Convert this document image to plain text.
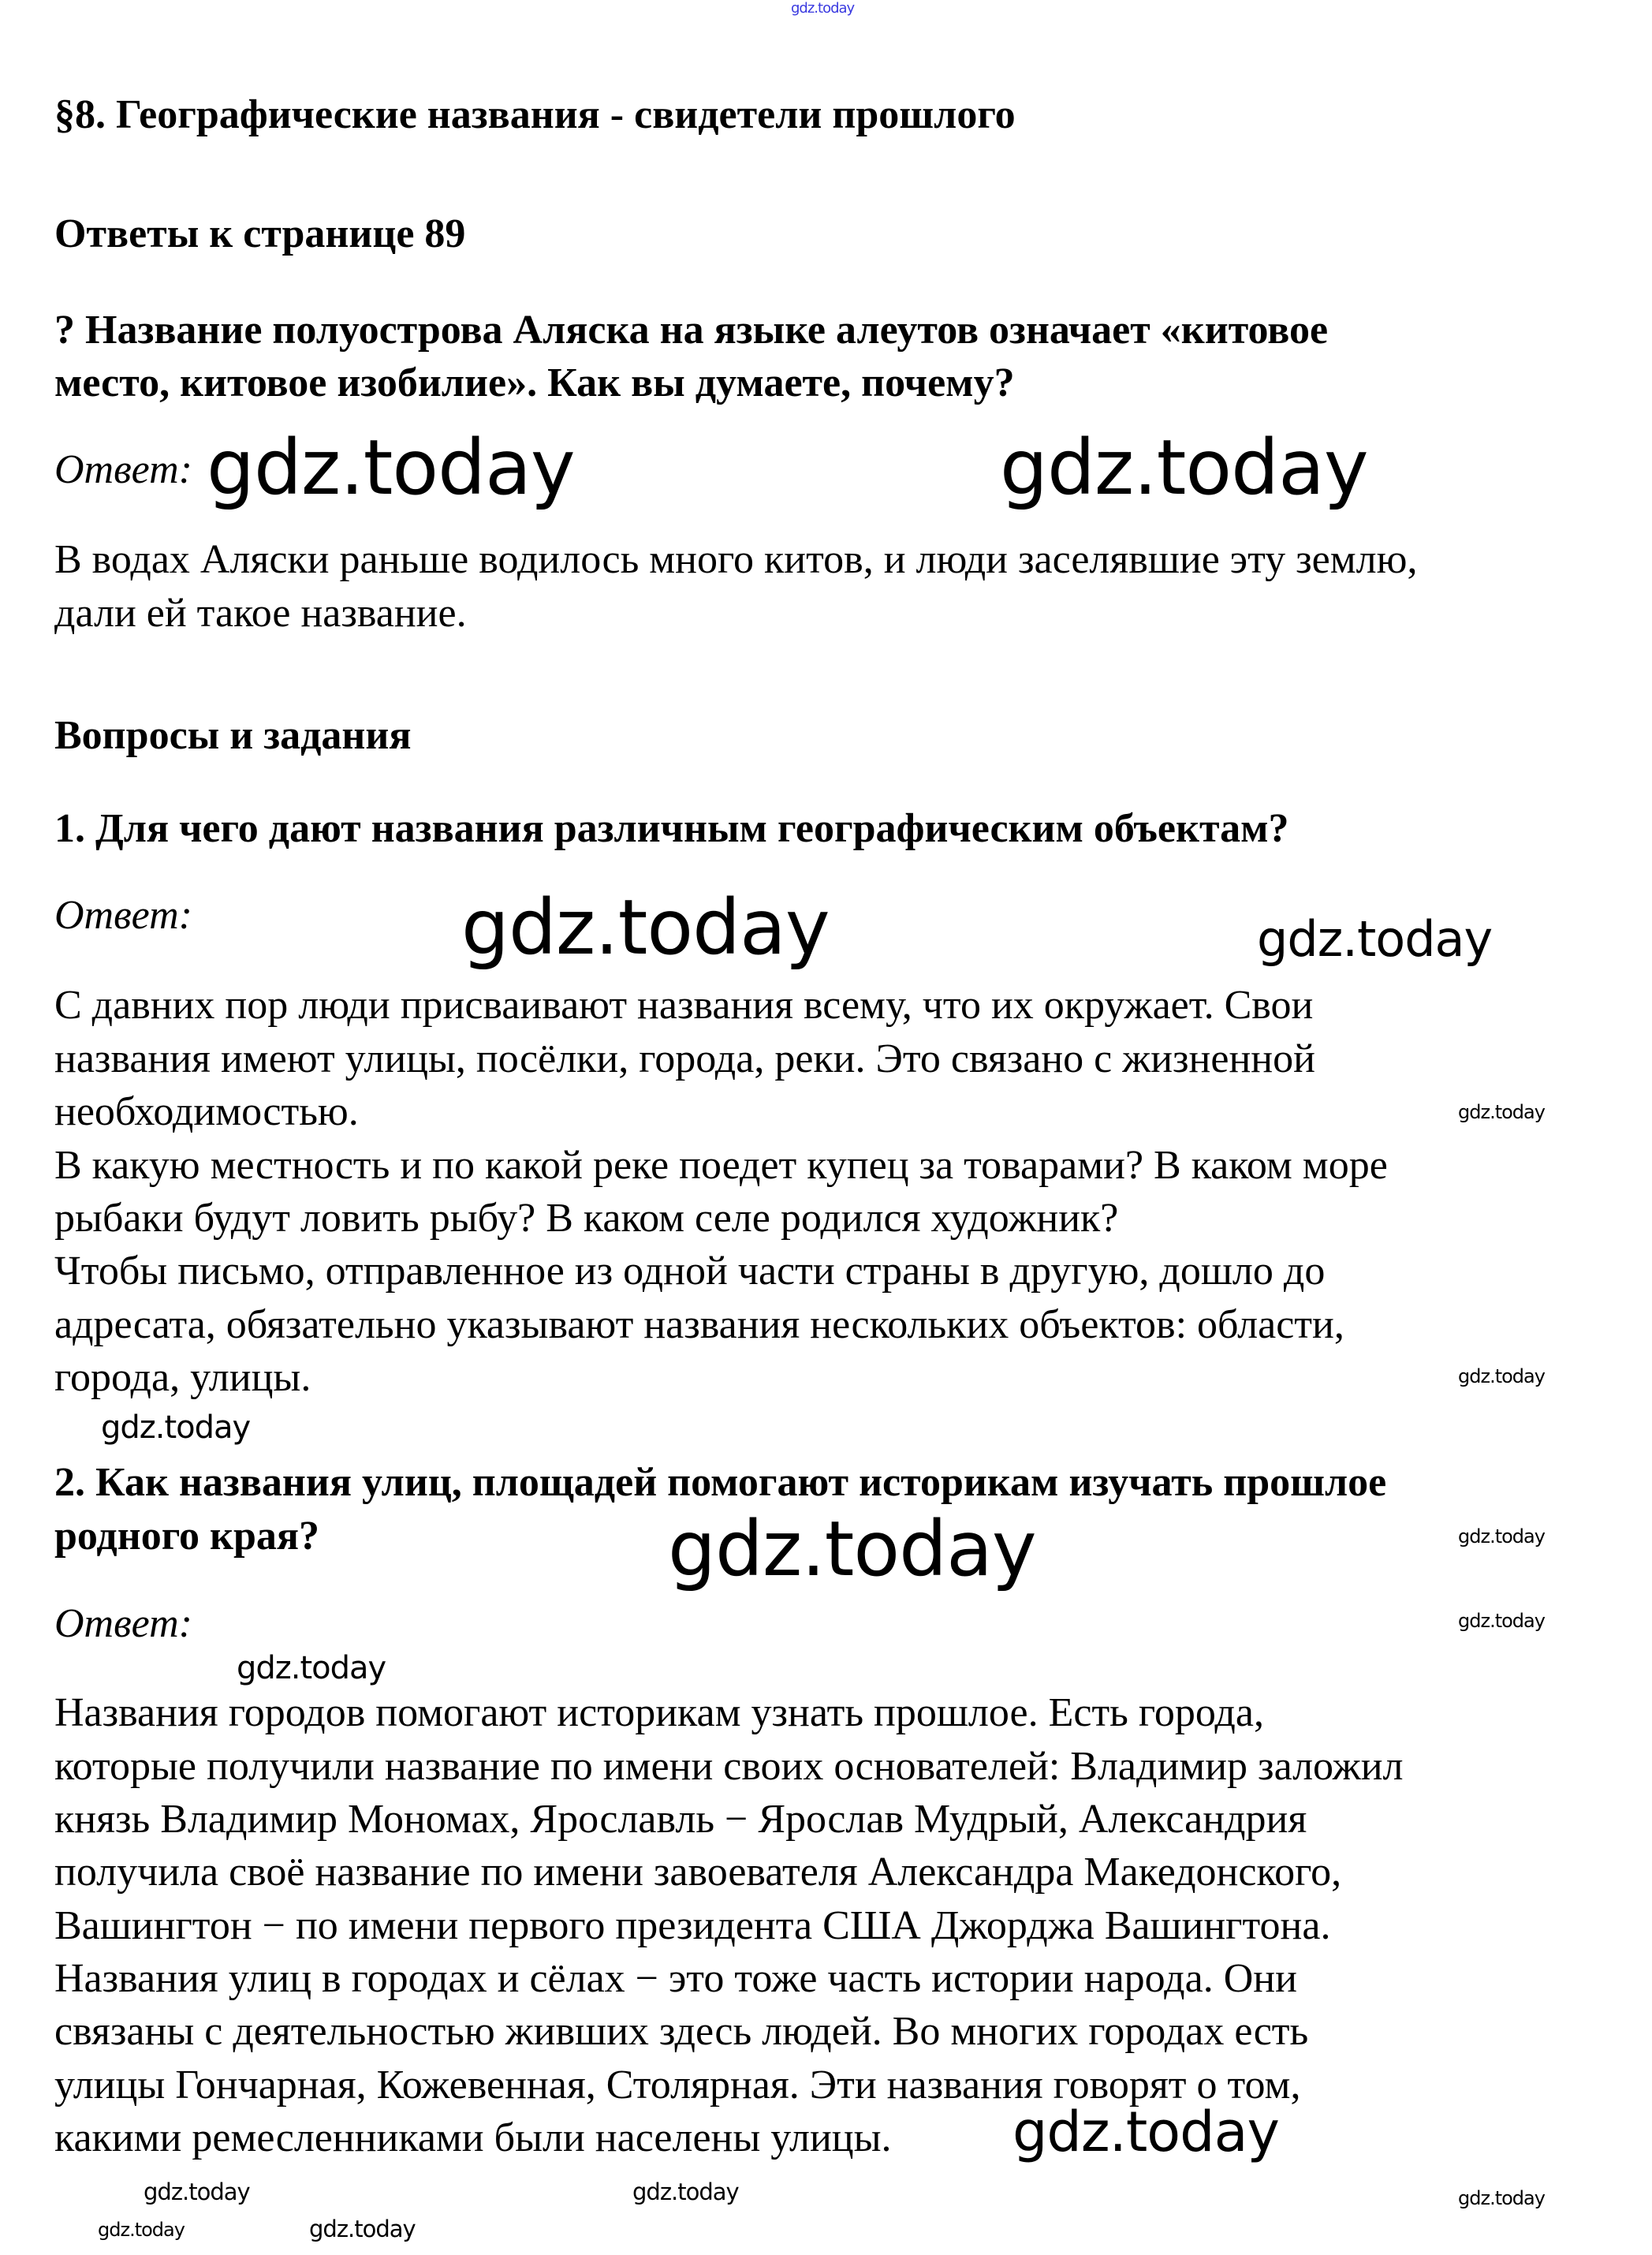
gdz.today
§8. Географические названия - свидетели прошлого
Ответы к странице 89
? Название полуострова Аляска на языке алеутов означает «китовое
место, китовое изобилие». Как вы думаете, почему?
Ответ: gdz.today	gdz.today
В водах Аляски раньше водилось много китов, и люди заселявшие эту землю,
дали ей такое название.
Вопросы и задания
1. Для чего дают названия различным географическим объектам?
Ответ:	gdz.today	gdz.today
С давних пор люди присваивают названия всему, что их окружает. Свои
названия имеют улицы, посёлки, города, реки. Это связано с жизненной
необходимостью.	gdz.today
В какую местность и по какой реке поедет купец за товарами? В каком море
рыбаки будут ловить рыбу? В каком селе родился художник?
Чтобы письмо, отправленное из одной части страны в другую, дошло до
адресата, обязательно указывают названия нескольких объектов: области,
города, улицы.	gdz.today
gdz.today
2. Как названия улиц, площадей помогают историкам изучать прошлое
родного края?	gdz.today
gdz.today
Ответ:	gdz.today
gdz.today
Названия городов помогают историкам узнать прошлое. Есть города,
которые получили название по имени своих основателей: Владимир заложил
князь Владимир Мономах, Ярославль − Ярослав Мудрый, Александрия
получила своё название по имени завоевателя Александра Македонского,
Вашингтон − по имени первого президента США Джорджа Вашингтона.
Названия улиц в городах и сёлах − это тоже часть истории народа. Они
связаны с деятельностью живших здесь людей. Во многих городах есть
улицы Гончарная, Кожевенная, Столярная. Эти названия говорят о том,
какими ремесленниками были населены улицы. gdz.today
gdz.today
gdz.today	gdz.today
gdz.today	gdz.today
